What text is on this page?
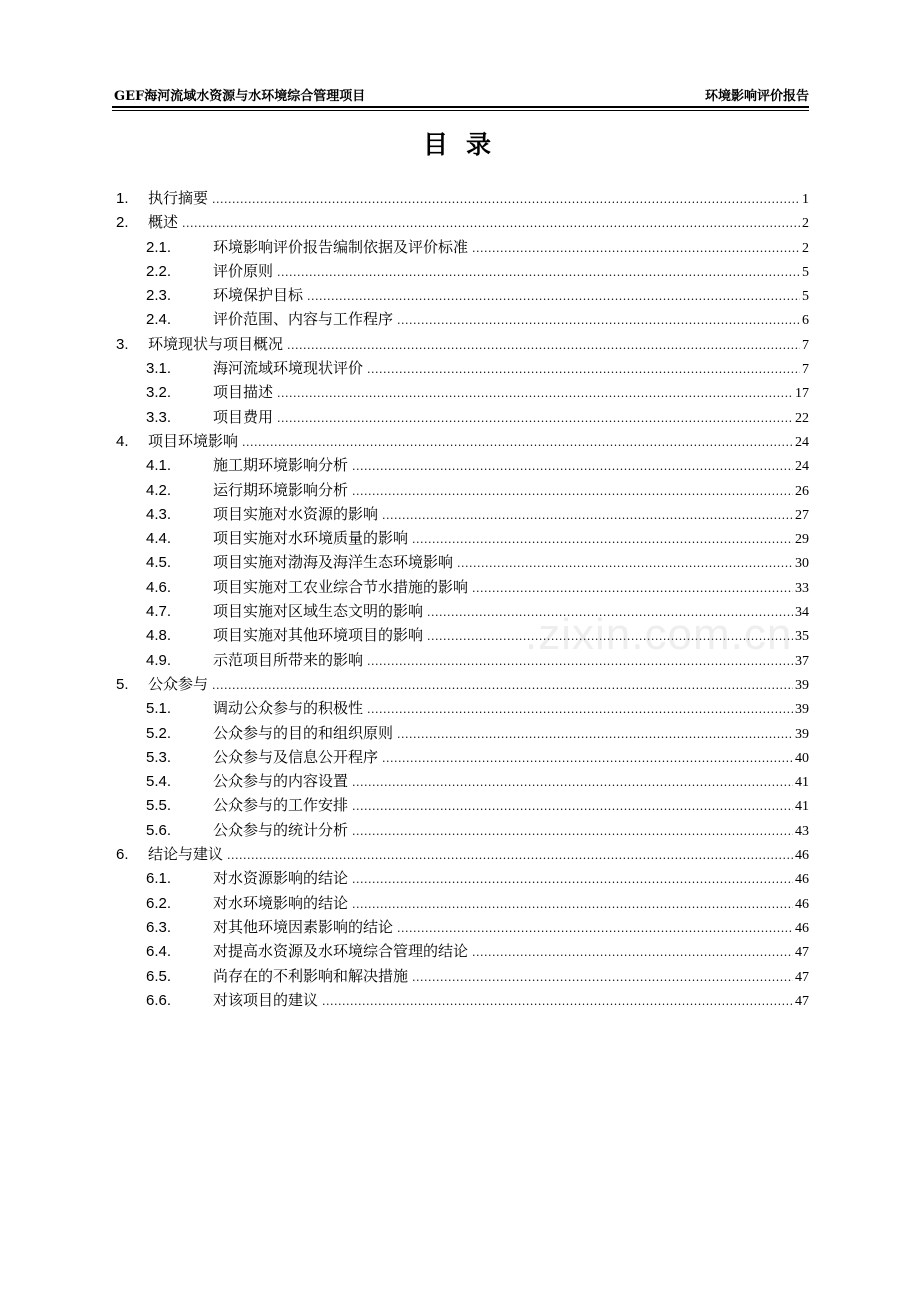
GEF海河流域水资源与水环境综合管理项目	环境影响评价报告
目录
1.	执行摘要 .....	1
2.	概述 .....	2
2.1.	环境影响评价报告编制依据及评价标准 .....	2
2.2.	评价原则 .....	5
2.3.	环境保护目标 .....	5
2.4.	评价范围、内容与工作程序 .....	6
3.	环境现状与项目概况 .....	7
3.1.	海河流域环境现状评价 .....	7
3.2.	项目描述 .....	17
3.3.	项目费用 .....	22
4.	项目环境影响 .....	24
4.1.	施工期环境影响分析 .....	24
4.2.	运行期环境影响分析 .....	26
4.3.	项目实施对水资源的影响 .....	27
4.4.	项目实施对水环境质量的影响 .....	29
4.5.	项目实施对渤海及海洋生态环境影响 .....	30
4.6.	项目实施对工农业综合节水措施的影响 .....	33
4.7.	项目实施对区域生态文明的影响 .....	34
4.8.	项目实施对其他环境项目的影响 .....	35
4.9.	示范项目所带来的影响 .....	37
5.	公众参与 .....	39
5.1.	调动公众参与的积极性 .....	39
5.2.	公众参与的目的和组织原则 .....	39
5.3.	公众参与及信息公开程序 .....	40
5.4.	公众参与的内容设置 .....	41
5.5.	公众参与的工作安排 .....	41
5.6.	公众参与的统计分析 .....	43
6.	结论与建议 .....	46
6.1.	对水资源影响的结论 .....	46
6.2.	对水环境影响的结论 .....	46
6.3.	对其他环境因素影响的结论 .....	46
6.4.	对提高水资源及水环境综合管理的结论 .....	47
6.5.	尚存在的不利影响和解决措施 .....	47
6.6.	对该项目的建议 .....	47
.zixin.com.cn
